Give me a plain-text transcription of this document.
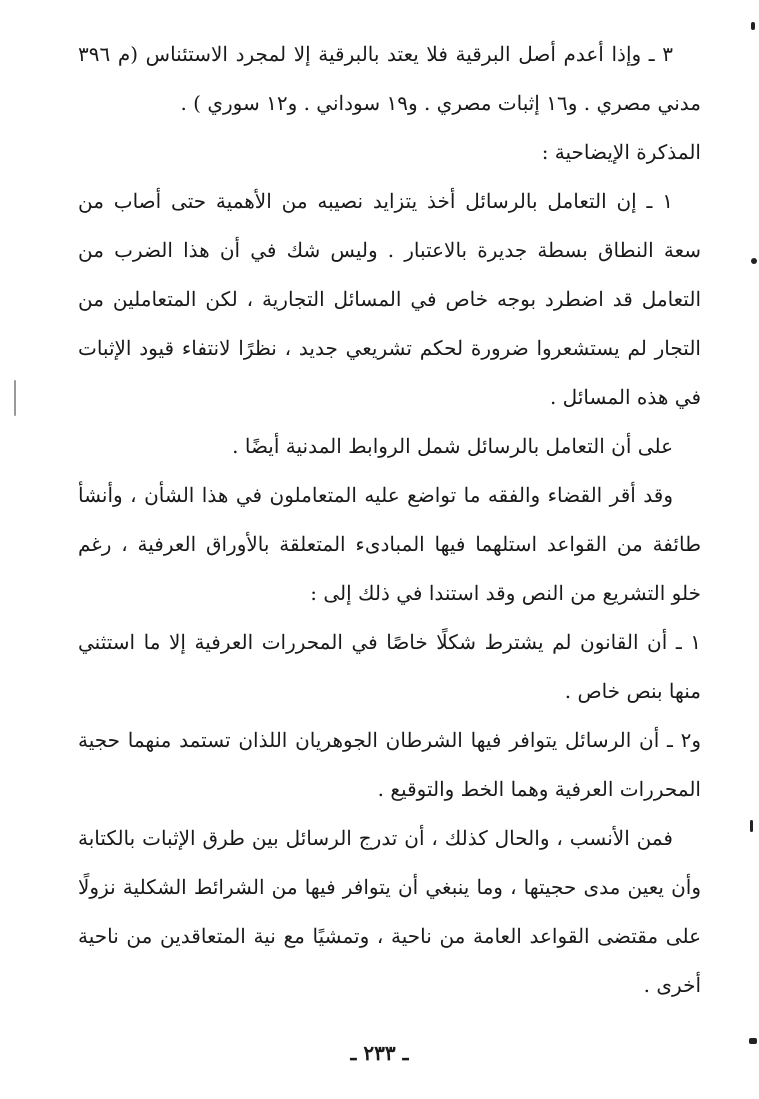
٣ ـ وإذا أعدم أصل البرقية فلا يعتد بالبرقية إلا لمجرد الاستئناس (م ٣٩٦ مدني مصري . و١٦ إثبات مصري . و١٩ سوداني . و١٢ سوري ) .

المذكرة الإيضاحية :

١ ـ إن التعامل بالرسائل أخذ يتزايد نصيبه من الأهمية حتى أصاب من سعة النطاق بسطة جديرة بالاعتبار . وليس شك في أن هذا الضرب من التعامل قد اضطرد بوجه خاص في المسائل التجارية ، لكن المتعاملين من التجار لم يستشعروا ضرورة لحكم تشريعي جديد ، نظرًا لانتفاء قيود الإثبات في هذه المسائل .

على أن التعامل بالرسائل شمل الروابط المدنية أيضًا .

وقد أقر القضاء والفقه ما تواضع عليه المتعاملون في هذا الشأن ، وأنشأ طائفة من القواعد استلهما فيها المبادىء المتعلقة بالأوراق العرفية ، رغم خلو التشريع من النص وقد استندا في ذلك إلى :

١ ـ أن القانون لم يشترط شكلًا خاصًا في المحررات العرفية إلا ما استثني منها بنص خاص .

و٢ ـ أن الرسائل يتوافر فيها الشرطان الجوهريان اللذان تستمد منهما حجية المحررات العرفية وهما الخط والتوقيع .

فمن الأنسب ، والحال كذلك ، أن تدرج الرسائل بين طرق الإثبات بالكتابة وأن يعين مدى حجيتها ، وما ينبغي أن يتوافر فيها من الشرائط الشكلية نزولًا على مقتضى القواعد العامة من ناحية ، وتمشيًا مع نية المتعاقدين من ناحية أخرى .

ـ ٢٣٣ ـ
